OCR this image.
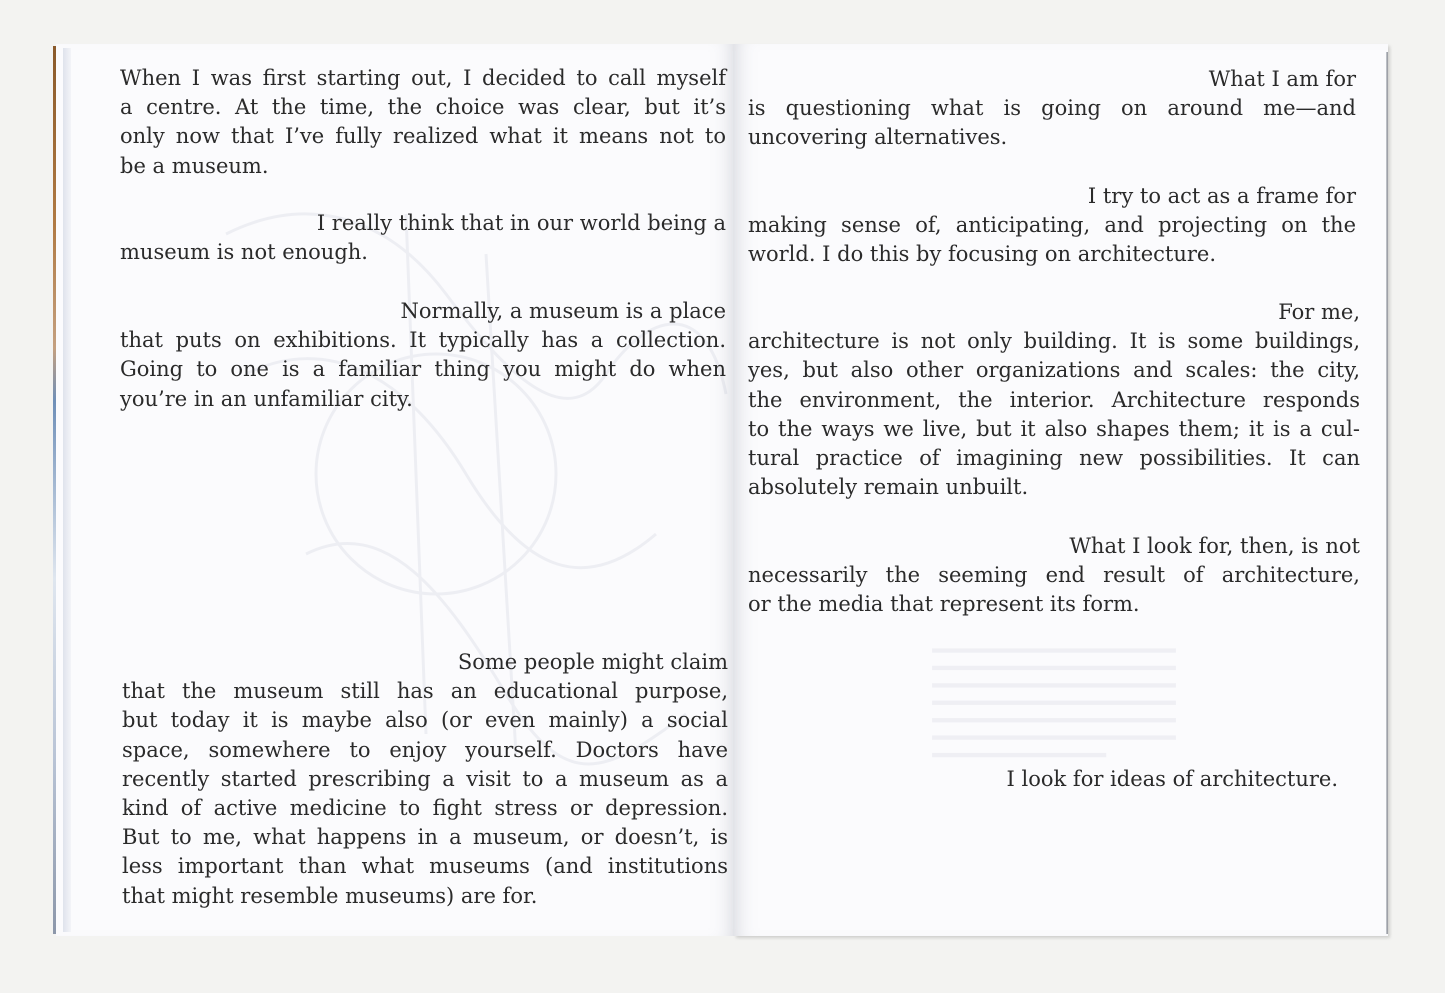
When I was first starting out, I decided to call myself
a centre. At the time, the choice was clear, but it’s
only now that I’ve fully realized what it means not to
be a museum.

I really think that in our world being a
museum is not enough.

Normally, a museum is a place
that puts on exhibitions. It typically has a collection.
Going to one is a familiar thing you might do when
you’re in an unfamiliar city.

Some people might claim
that the museum still has an educational purpose,
but today it is maybe also (or even mainly) a social
space, somewhere to enjoy yourself. Doctors have
recently started prescribing a visit to a museum as a
kind of active medicine to fight stress or depression.
But to me, what happens in a museum, or doesn’t, is
less important than what museums (and institutions
that might resemble museums) are for.

What I am for
is questioning what is going on around me—and
uncovering alternatives.

I try to act as a frame for
making sense of, anticipating, and projecting on the
world. I do this by focusing on architecture.

For me,
architecture is not only building. It is some buildings,
yes, but also other organizations and scales: the city,
the environment, the interior. Architecture responds
to the ways we live, but it also shapes them; it is a cul-
tural practice of imagining new possibilities. It can
absolutely remain unbuilt.

What I look for, then, is not
necessarily the seeming end result of architecture,
or the media that represent its form.

I look for ideas of architecture.
